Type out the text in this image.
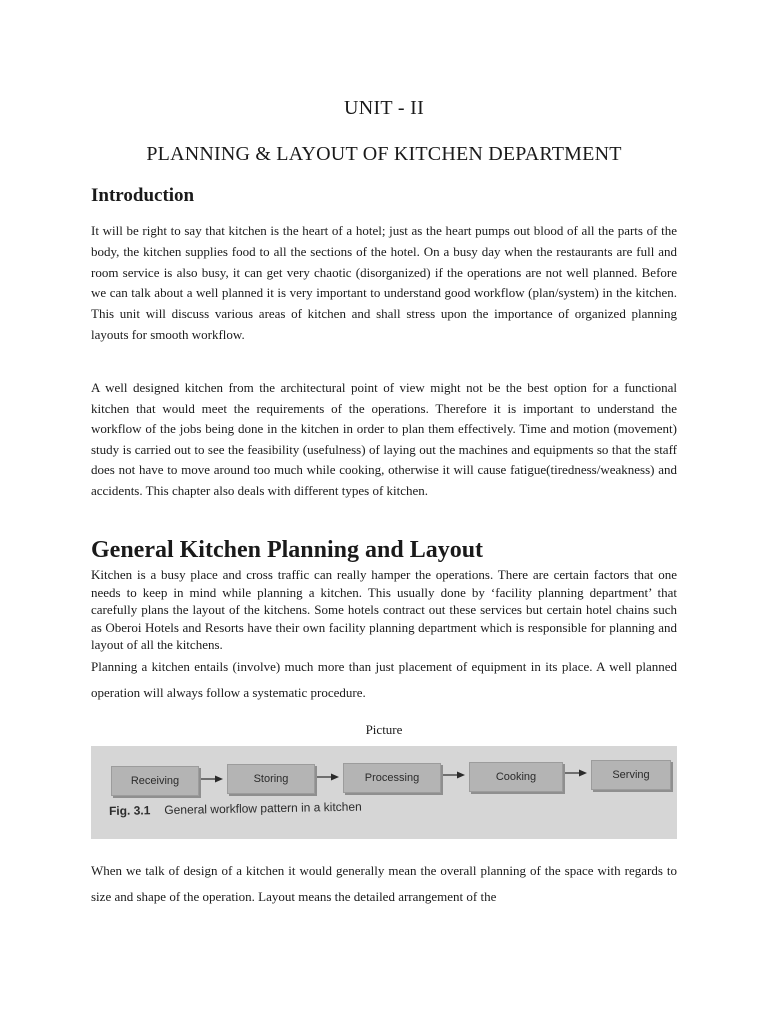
UNIT - II
PLANNING & LAYOUT OF KITCHEN DEPARTMENT
Introduction

It will be right to say that kitchen is the heart of a hotel; just as the heart pumps out blood of all the parts of the body, the kitchen supplies food to all the sections of the hotel. On a busy day when the restaurants are full and room service is also busy, it can get very chaotic (disorganized) if the operations are not well planned. Before we can talk about a well planned it is very important to understand good workflow (plan/system) in the kitchen. This unit will discuss various areas of kitchen and shall stress upon the importance of organized planning layouts for smooth workflow.

A well designed kitchen from the architectural point of view might not be the best option for a functional kitchen that would meet the requirements of the operations. Therefore it is important to understand the workflow of the jobs being done in the kitchen in order to plan them effectively. Time and motion (movement) study is carried out to see the feasibility (usefulness) of laying out the machines and equipments so that the staff does not have to move around too much while cooking, otherwise it will cause fatigue(tiredness/weakness) and accidents. This chapter also deals with different types of kitchen.

General Kitchen Planning and Layout

Kitchen is a busy place and cross traffic can really hamper the operations. There are certain factors that one needs to keep in mind while planning a kitchen. This usually done by ‘facility planning department’ that carefully plans the layout of the kitchens. Some hotels contract out these services but certain hotel chains such as Oberoi Hotels and Resorts have their own facility planning department which is responsible for planning and layout of all the kitchens.

Planning a kitchen entails (involve) much more than just placement of equipment in its place. A well planned operation will always follow a systematic procedure.

Picture

Receiving	Storing	Processing	Cooking	Serving
Fig. 3.1 General workflow pattern in a kitchen

When we talk of design of a kitchen it would generally mean the overall planning of the space with regards to size and shape of the operation. Layout means the detailed arrangement of the
